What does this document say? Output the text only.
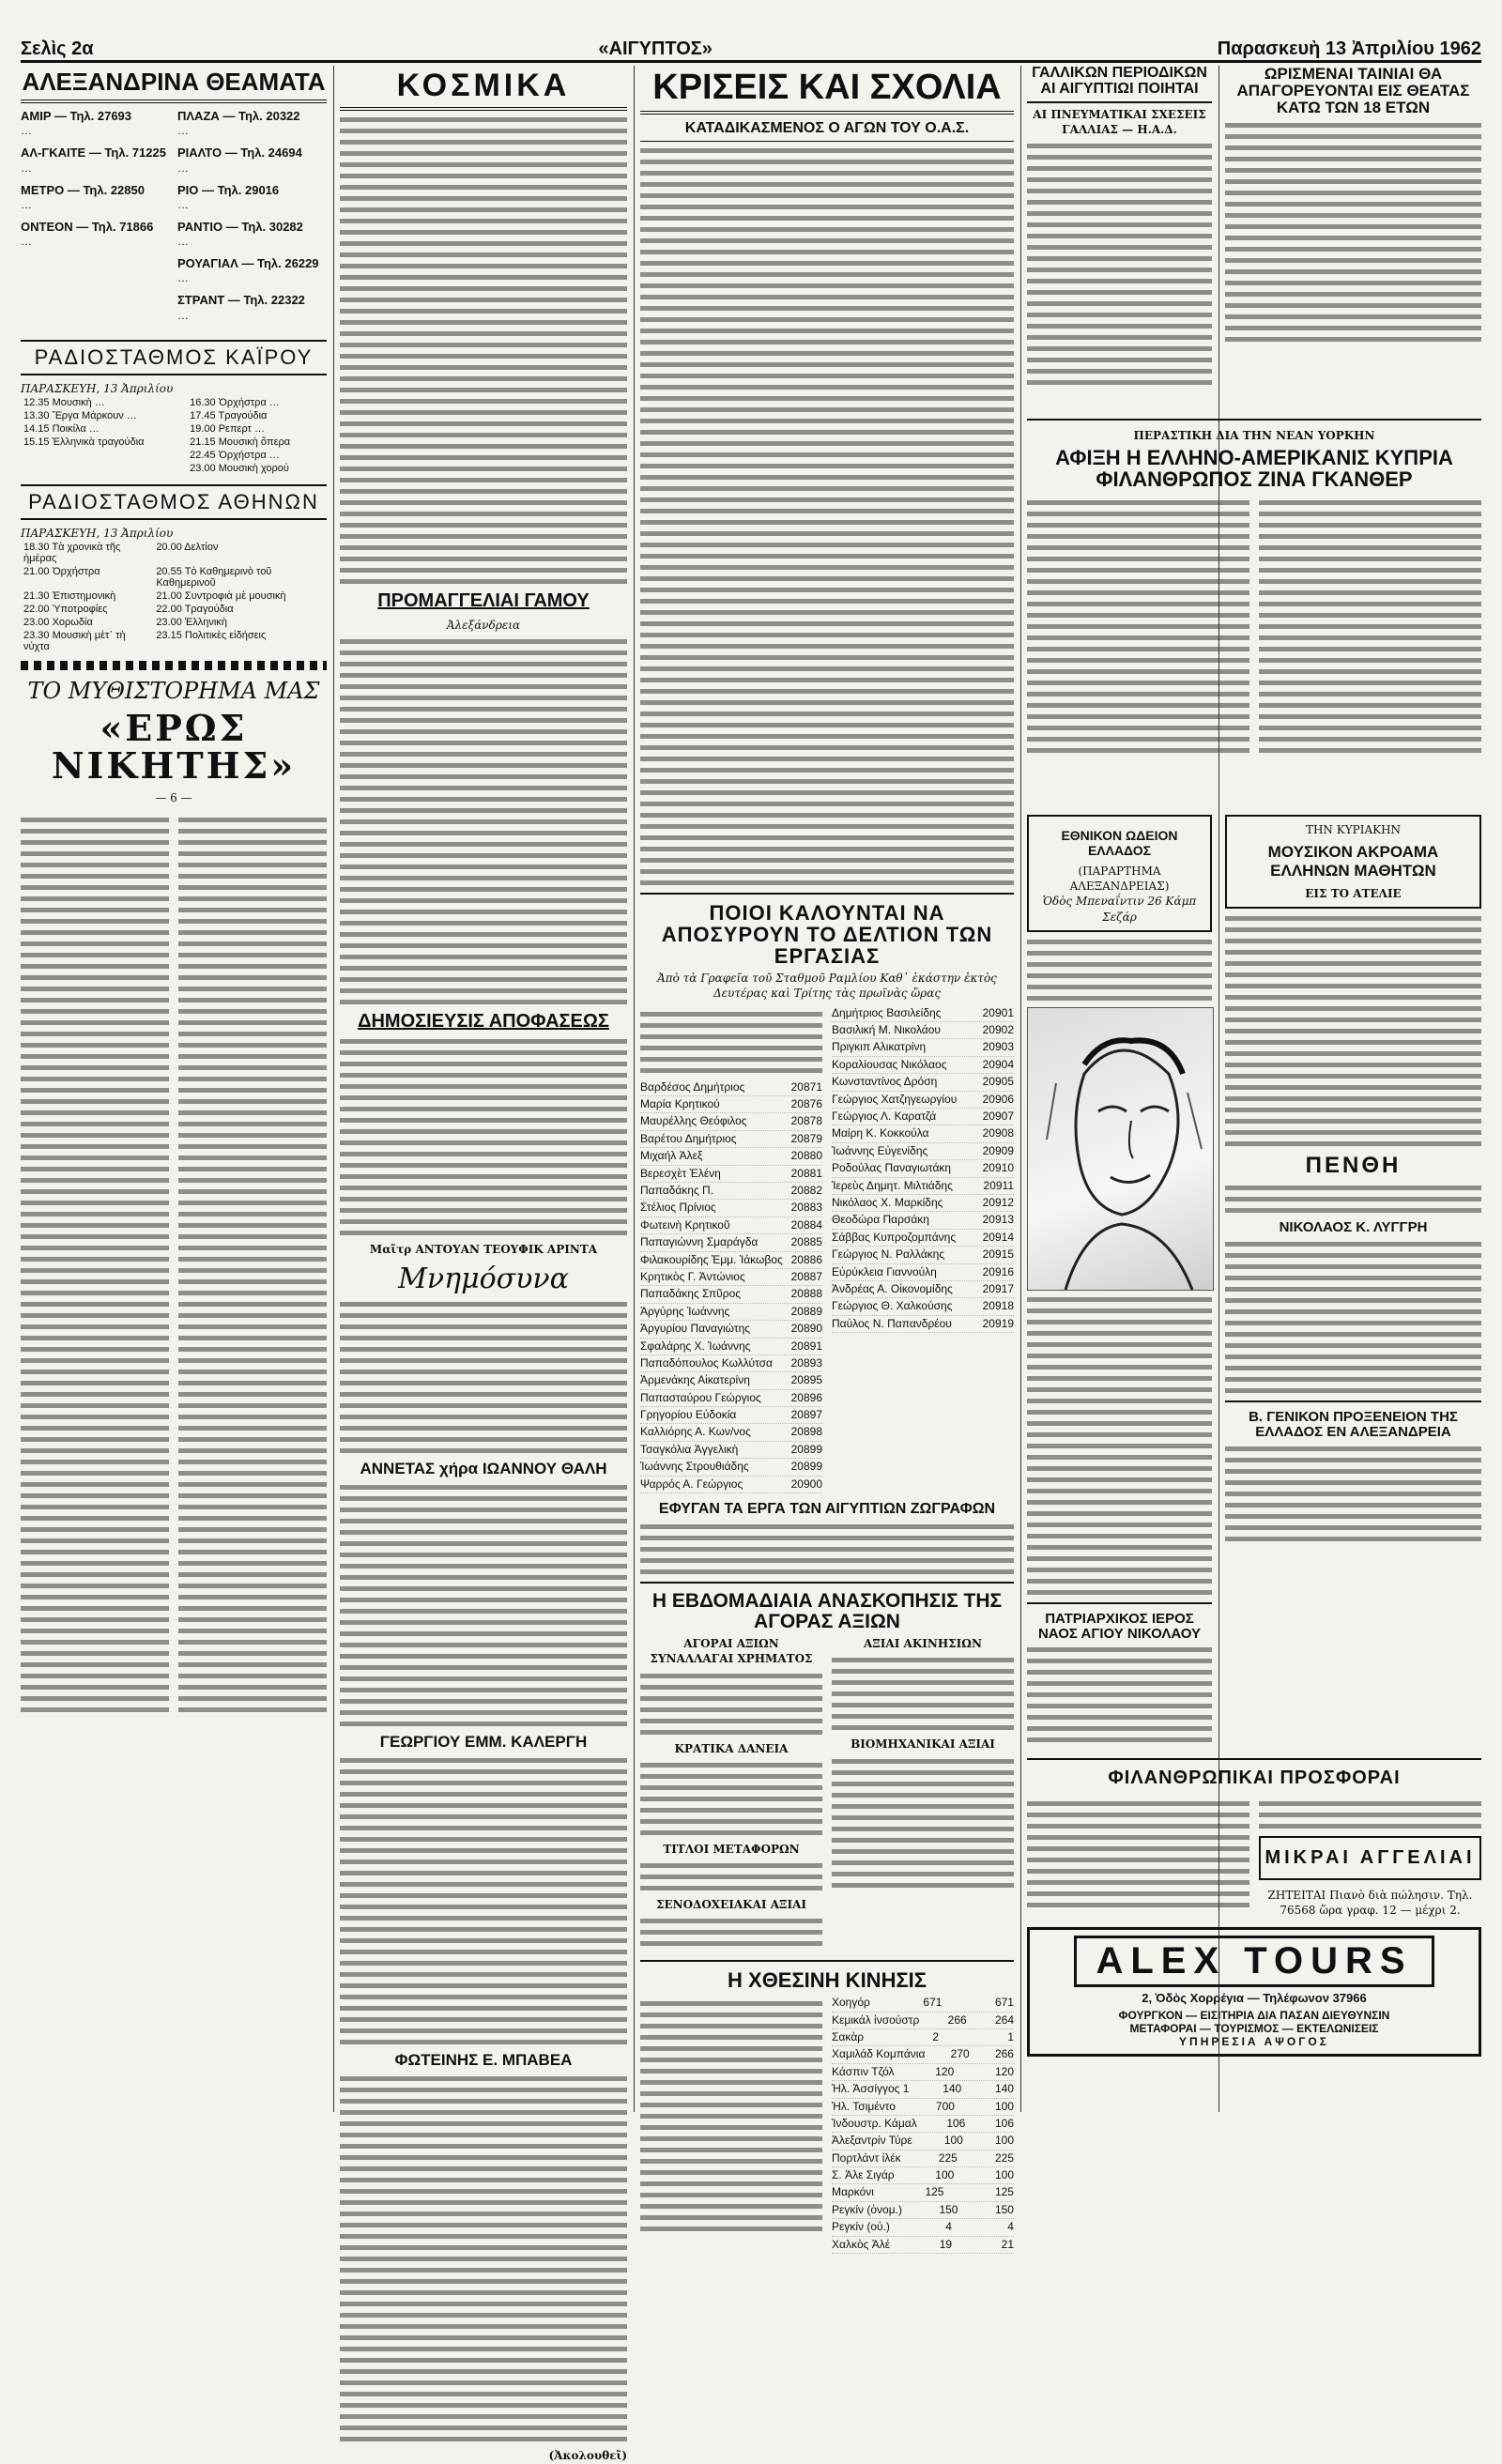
Σελὶς 2α	«ΑΙΓΥΠΤΟΣ»	Παρασκευὴ 13 Ἀπριλίου 1962
ΑΛΕΞΑΝΔΡΙΝΑ ΘΕΑΜΑΤΑ
AMIP — Τηλ. 27693
…
ΑΛ-ΓΚΑΙΤΕ — Τηλ. 71225
…
ΜΕΤΡΟ — Τηλ. 22850
…
ΟΝΤΕΟΝ — Τηλ. 71866
…
ΠΛΑΖΑ — Τηλ. 20322
…
ΡΙΑΛΤΟ — Τηλ. 24694
…
ΡΙΟ — Τηλ. 29016
…
ΡΑΝΤΙΟ — Τηλ. 30282
…
ΡΟΥΑΓΙΑΛ — Τηλ. 26229
…
ΣΤΡΑΝΤ — Τηλ. 22322
…
ΡΑΔΙΟΣΤΑΘΜΟΣ ΚΑΪΡΟΥ
ΠΑΡΑΣΚΕΥΗ, 13 Ἀπριλίου
12.35 Μουσικὴ …	16.30 Ὀρχήστρα …
13.30 Ἔργα Μάρκουν …	17.45 Τραγούδια
14.15 Ποικίλα …	19.00 Ρεπερτ …
15.15 Ἑλληνικὰ τραγούδια	21.15 Μουσικὴ ὅπερα
	22.45 Ὀρχήστρα …
	23.00 Μουσικὴ χορού
ΡΑΔΙΟΣΤΑΘΜΟΣ ΑΘΗΝΩΝ
ΠΑΡΑΣΚΕΥΗ, 13 Ἀπριλίου
18.30 Τὰ χρονικὰ τῆς ἡμέρας	20.00 Δελτίον
21.00 Ὀρχήστρα	20.55 Τὸ Καθημερινὸ τοῦ Καθημερινοῦ
21.30 Ἐπιστημονικὴ	21.00 Συντροφιὰ μὲ μουσικὴ
22.00 Ὑποτροφίες	22.00 Τραγούδια
23.00 Χορωδία	23.00 Ἐλληνικὴ
23.30 Μουσικὴ μὲτ᾽ τὴ νύχτα	23.15 Πολιτικὲς εἰδήσεις
ΤΟ ΜΥΘΙΣΤΟΡΗΜΑ ΜΑΣ
«ΕΡΩΣ ΝΙΚΗΤΗΣ»
— 6 —
ΚΟΣΜΙΚΑ
ΠΡΟΜΑΓΓΕΛΙΑΙ ΓΑΜΟΥ
Ἀλεξάνδρεια
ΔΗΜΟΣΙΕΥΣΙΣ ΑΠΟΦΑΣΕΩΣ
Μαῖτρ ΑΝΤΟΥΑΝ ΤΕΟΥΦΙΚ ΑΡΙΝΤΑ
Μνημόσυνα
ΑΝΝΕΤΑΣ χήρα ΙΩΑΝΝΟΥ ΘΑΛΗ
ΓΕΩΡΓΙΟΥ ΕΜΜ. ΚΑΛΕΡΓΗ
ΦΩΤΕΙΝΗΣ Ε. ΜΠΑΒΕΑ
(Ἀκολουθεῖ)
ΚΡΙΣΕΙΣ ΚΑΙ ΣΧΟΛΙΑ
ΚΑΤΑΔΙΚΑΣΜΕΝΟΣ Ο ΑΓΩΝ ΤΟΥ Ο.Α.Σ.
ΠΟΙΟΙ ΚΑΛΟΥΝΤΑΙ ΝΑ ΑΠΟΣΥΡΟΥΝ ΤΟ ΔΕΛΤΙΟΝ ΤΩΝ ΕΡΓΑΣΙΑΣ
Ἀπὸ τὰ Γραφεῖα τοῦ Σταθμοῦ Ραμλίου Καθ᾽ ἑκάστην ἐκτὸς Δευτέρας καὶ Τρίτης τὰς πρωϊνὰς ὥρας
Βαρδέσος Δημήτριος	20871
Μαρία Κρητικού	20876
Μαυρέλλης Θεόφιλος	20878
Βαρέτου Δημήτριος	20879
Μιχαήλ Ἀλεξ	20880
Βερεσχὲτ Ἑλένη	20881
Παπαδάκης Π.	20882
Στέλιος Πρίνιος	20883
Φωτεινὴ Κρητικοῦ	20884
Παπαγιώννη Σμαράγδα	20885
Φιλακουρίδης Ἐμμ. Ἰάκωβος 20886
Κρητικὸς Γ. Ἀντώνιος	20887
Παπαδάκης Σπῦρος	20888
Ἀργύρης Ἰωάννης	20889
Ἀργυρίου Παναγιώτης	20890
Σφαλάρης Χ. Ἰωάννης	20891
Παπαδόπουλος Κωλλύτσα 20893
Ἀρμενάκης Αἰκατερίνη	20895
Παπασταύρου Γεώργιος	20896
Γρηγορίου Εὐδοκία	20897
Καλλιόρης Α. Κων/νος	20898
Τσαγκόλια Ἀγγελικὴ	20899
Ἰωάννης Στρουθιάδης	20899
Ψαρρός Α. Γεώργιος	20900
Δημήτριος Βασιλείδης	20901
Βασιλική Μ. Νικολάου	20902
Πριγκιπ Αλικατρίνη	20903
Κοραλίουσας Νικόλαος	20904
Κωνσταντίνος Δρόση	20905
Γεώργιος Χατζηγεωργίου 20906
Γεώργιος Λ. Καρατζά	20907
Μαίρη Κ. Κοκκούλα	20908
Ἰωάννης Εὐγενίδης	20909
Ροδούλας Παναγιωτάκη	20910
Ἰερεὺς Δημητ. Μιλτιάδης	20911
Νικόλαος Χ. Μαρκίδης	20912
Θεοδώρα Παρσάκη	20913
Σάββας Κυπροζομπάνης 20914
Γεώργιος Ν. Ραλλάκης	20915
Εὐρύκλεια Γιαννούλη	20916
Ἀνδρέας Α. Οἰκονομίδης	20917
Γεώργιος Θ. Χαλκούσης	20918
Παύλος Ν. Παπανδρέου	20919
ΕΦΥΓΑΝ ΤΑ ΕΡΓΑ ΤΩΝ ΑΙΓΥΠΤΙΩΝ ΖΩΓΡΑΦΩΝ
Η ΕΒΔΟΜΑΔΙΑΙΑ ΑΝΑΣΚΟΠΗΣΙΣ ΤΗΣ ΑΓΟΡΑΣ ΑΞΙΩΝ
ΑΓΟΡΑΙ ΑΞΙΩΝ ΣΥΝΑΛΛΑΓΑΙ ΧΡΗΜΑΤΟΣ
ΚΡΑΤΙΚΑ ΔΑΝΕΙΑ
ΤΙΤΛΟΙ ΜΕΤΑΦΟΡΩΝ
ΣΕΝΟΔΟΧΕΙΑΚΑΙ ΑΞΙΑΙ
ΑΞΙΑΙ ΑΚΙΝΗΣΙΩΝ
ΒΙΟΜΗΧΑΝΙΚΑΙ ΑΞΙΑΙ
Η ΧΘΕΣΙΝΗ ΚΙΝΗΣΙΣ
Χοηγόρ	671	671
Κεμικάλ ἰνσούστρ	266	264
Σακὰρ	2	1
Χαμιλάδ Κομπάνια 270 266
Κάσπιν Τζόλ	120	120
Ἠλ. Ἀσσίγγος 1	140	140
Ἠλ. Τσιμέντο	700	100
Ἰνδουστρ. Κάμαλ	106	106
Ἀλεξαντρίν Τύρε	100	100
Πορτλάντ ἰλέκ	225	225
Σ. Ἀλε Σιγάρ	100	100
Μαρκόνι	125	125
Ρεγκίν (ὀνομ.)	150	150
Ρεγκίν (οὐ.)	4	4
Χαλκὸς Ἀλέ	19	21
ΓΑΛΛΙΚΩΝ ΠΕΡΙΟΔΙΚΩΝ ΑΙ ΑΙΓΥΠΤΙΩΙ ΠΟΙΗΤΑΙ
ΑΙ ΠΝΕΥΜΑΤΙΚΑΙ ΣΧΕΣΕΙΣ ΓΑΛΛΙΑΣ — Η.Α.Δ.
ΠΕΡΑΣΤΙΚΗ ΔΙΑ ΤΗΝ ΝΕΑΝ ΥΟΡΚΗΝ
ΑΦΙΞΗ Η ΕΛΛΗΝΟ-ΑΜΕΡΙΚΑΝΙΣ ΚΥΠΡΙΑ ΦΙΛΑΝΘΡΩΠΟΣ ΖΙΝΑ ΓΚΑΝΘΕΡ
ΕΘΝΙΚΟΝ ΩΔΕΙΟΝ ΕΛΛΑΔΟΣ
(ΠΑΡΑΡΤΗΜΑ ΑΛΕΞΑΝΔΡΕΙΑΣ)
Ὁδὸς Μπεναΐντιν 26 Κάμπ Σεζάρ
ΠΑΤΡΙΑΡΧΙΚΟΣ ΙΕΡΟΣ ΝΑΟΣ ΑΓΙΟΥ ΝΙΚΟΛΑΟΥ
ΩΡΙΣΜΕΝΑΙ ΤΑΙΝΙΑΙ ΘΑ ΑΠΑΓΟΡΕΥΟΝΤΑΙ ΕΙΣ ΘΕΑΤΑΣ ΚΑΤΩ ΤΩΝ 18 ΕΤΩΝ
ΤΗΝ ΚΥΡΙΑΚΗΝ
ΜΟΥΣΙΚΟΝ ΑΚΡΟΑΜΑ ΕΛΛΗΝΩΝ ΜΑΘΗΤΩΝ
ΕΙΣ ΤΟ ΑΤΕΛΙΕ
ΠΕΝΘΗ
ΝΙΚΟΛΑΟΣ Κ. ΛΥΓΓΡΗ
Β. ΓΕΝΙΚΟΝ ΠΡΟΞΕΝΕΙΟΝ ΤΗΣ ΕΛΛΑΔΟΣ ΕΝ ΑΛΕΞΑΝΔΡΕΙΑ
ΦΙΛΑΝΘΡΩΠΙΚΑΙ ΠΡΟΣΦΟΡΑΙ
ΜΙΚΡΑΙ ΑΓΓΕΛΙΑΙ
ΖΗΤΕΙΤΑΙ Πιανὸ διὰ πώλησιν. Τηλ. 76568 ὥρα γραφ. 12 — μέχρι 2.
ALEX TOURS
2, Ὁδὸς Χορρέγια — Τηλέφωνον 37966
ΦΟΥΡΓΚΟΝ — ΕΙΣΙΤΗΡΙΑ ΔΙΑ ΠΑΣΑΝ ΔΙΕΥΘΥΝΣΙΝ
ΜΕΤΑΦΟΡΑΙ — ΤΟΥΡΙΣΜΟΣ — ΕΚΤΕΛΩΝΙΣΕΙΣ
ΥΠΗΡΕΣΙΑ ΑΨΟΓΟΣ
